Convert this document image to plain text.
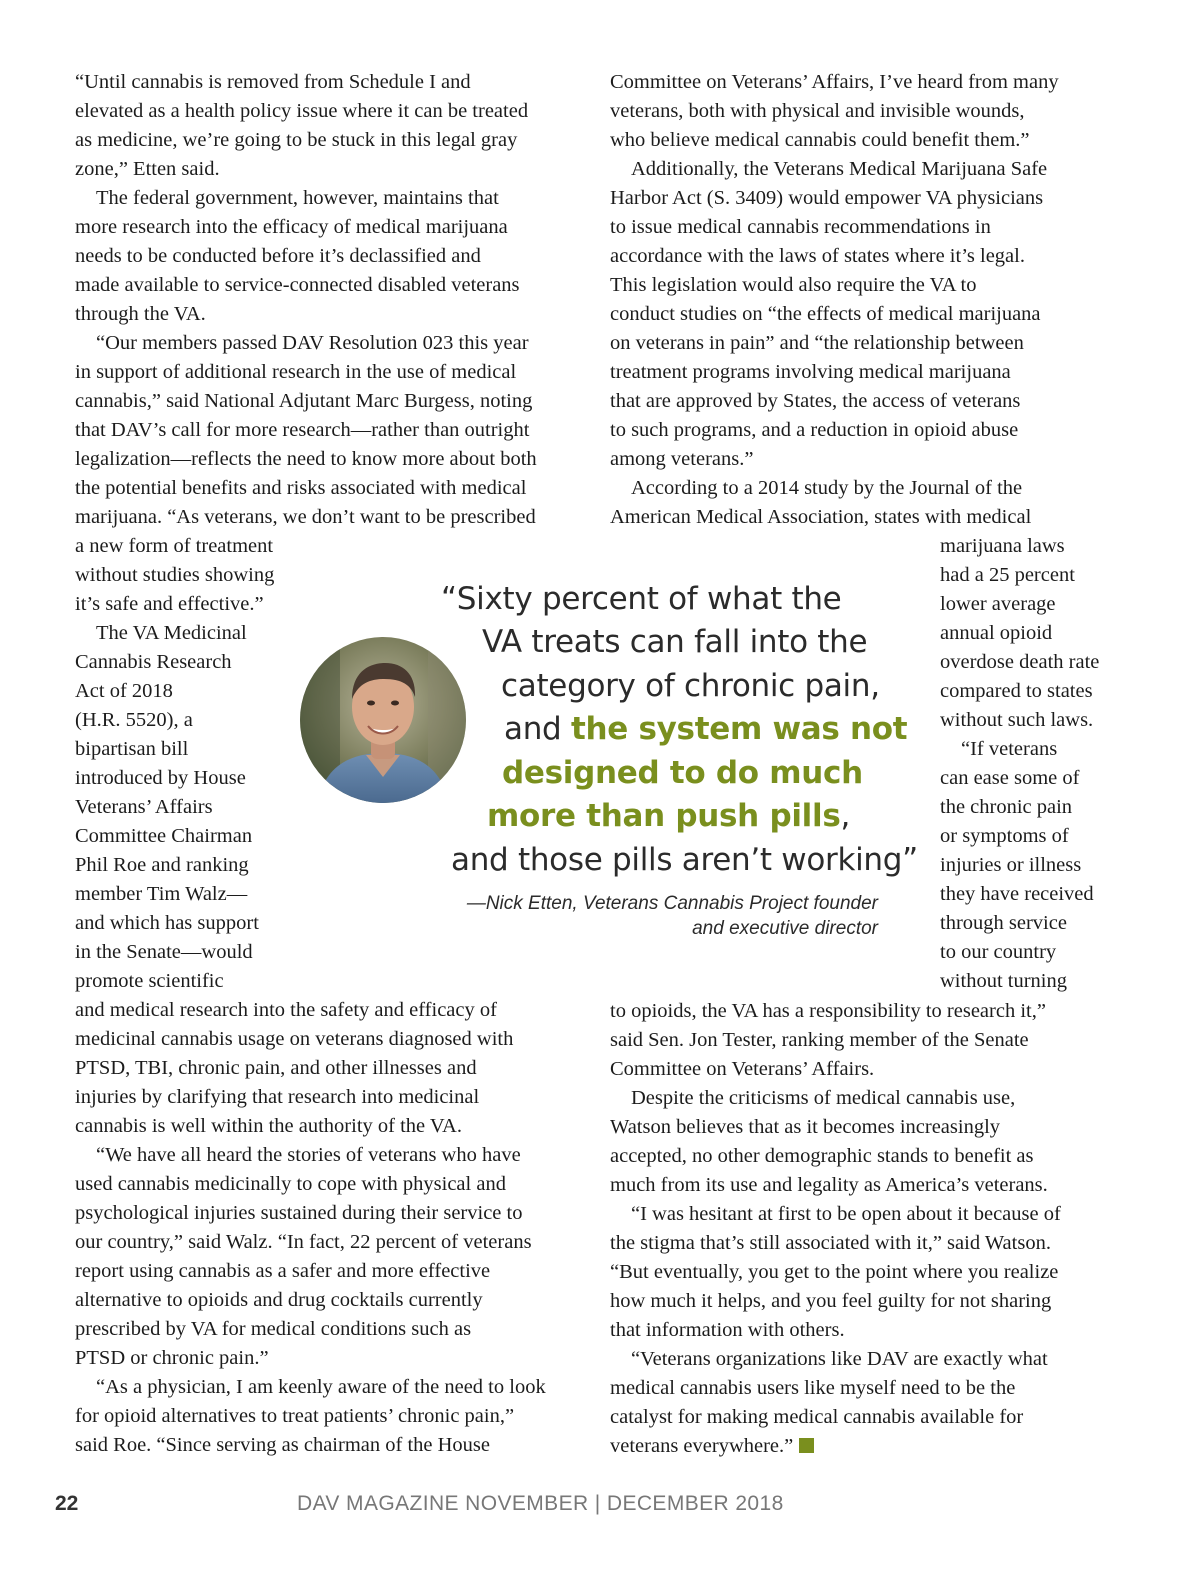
“Until cannabis is removed from Schedule I and
elevated as a health policy issue where it can be treated
as medicine, we’re going to be stuck in this legal gray
zone,” Etten said.
The federal government, however, maintains that
more research into the efficacy of medical marijuana
needs to be conducted before it’s declassified and
made available to service-connected disabled veterans
through the VA.
“Our members passed DAV Resolution 023 this year
in support of additional research in the use of medical
cannabis,” said National Adjutant Marc Burgess, noting
that DAV’s call for more research—rather than outright
legalization—reflects the need to know more about both
the potential benefits and risks associated with medical
marijuana. “As veterans, we don’t want to be prescribed
a new form of treatment
without studies showing
it’s safe and effective.”
The VA Medicinal
Cannabis Research
Act of 2018
(H.R. 5520), a
bipartisan bill
introduced by House
Veterans’ Affairs
Committee Chairman
Phil Roe and ranking
member Tim Walz—
and which has support
in the Senate—would
promote scientific
and medical research into the safety and efficacy of
medicinal cannabis usage on veterans diagnosed with
PTSD, TBI, chronic pain, and other illnesses and
injuries by clarifying that research into medicinal
cannabis is well within the authority of the VA.
“We have all heard the stories of veterans who have
used cannabis medicinally to cope with physical and
psychological injuries sustained during their service to
our country,” said Walz. “In fact, 22 percent of veterans
report using cannabis as a safer and more effective
alternative to opioids and drug cocktails currently
prescribed by VA for medical conditions such as
PTSD or chronic pain.”
“As a physician, I am keenly aware of the need to look
for opioid alternatives to treat patients’ chronic pain,”
said Roe. “Since serving as chairman of the House
Committee on Veterans’ Affairs, I’ve heard from many
veterans, both with physical and invisible wounds,
who believe medical cannabis could benefit them.”
Additionally, the Veterans Medical Marijuana Safe
Harbor Act (S. 3409) would empower VA physicians
to issue medical cannabis recommendations in
accordance with the laws of states where it’s legal.
This legislation would also require the VA to
conduct studies on “the effects of medical marijuana
on veterans in pain” and “the relationship between
treatment programs involving medical marijuana
that are approved by States, the access of veterans
to such programs, and a reduction in opioid abuse
among veterans.”
According to a 2014 study by the Journal of the
American Medical Association, states with medical
marijuana laws
had a 25 percent
lower average
annual opioid
overdose death rate
compared to states
without such laws.
“If veterans
can ease some of
the chronic pain
or symptoms of
injuries or illness
they have received
through service
to our country
without turning
to opioids, the VA has a responsibility to research it,”
said Sen. Jon Tester, ranking member of the Senate
Committee on Veterans’ Affairs.
Despite the criticisms of medical cannabis use,
Watson believes that as it becomes increasingly
accepted, no other demographic stands to benefit as
much from its use and legality as America’s veterans.
“I was hesitant at first to be open about it because of
the stigma that’s still associated with it,” said Watson.
“But eventually, you get to the point where you realize
how much it helps, and you feel guilty for not sharing
that information with others.
“Veterans organizations like DAV are exactly what
medical cannabis users like myself need to be the
catalyst for making medical cannabis available for
veterans everywhere.”
“Sixty percent of what the
VA treats can fall into the
category of chronic pain,
and the system was not
designed to do much
more than push pills,
and those pills aren’t working”
—Nick Etten, Veterans Cannabis Project founder
and executive director
22	DAV MAGAZINE NOVEMBER | DECEMBER 2018
